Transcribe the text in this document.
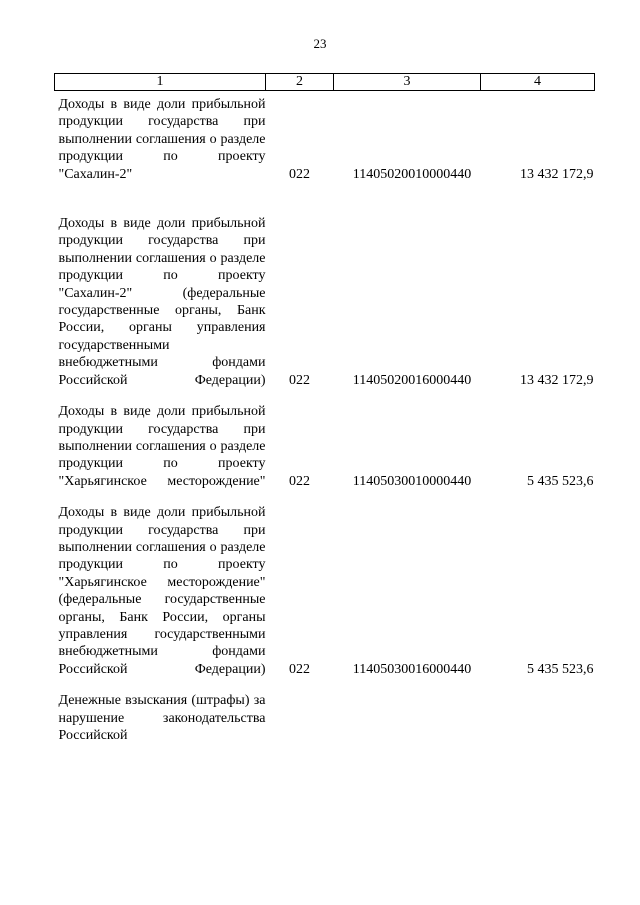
23
1	2	3	4
Доходы в виде доли прибыльной продукции государства при выполнении соглашения о разделе продукции по проекту "Сахалин-2"	022	11405020010000440	13 432 172,9
Доходы в виде доли прибыльной продукции государства при выполнении соглашения о разделе продукции по проекту "Сахалин-2" (федеральные государственные органы, Банк России, органы управления государственными внебюджетными фондами Российской Федерации)	022	11405020016000440	13 432 172,9
Доходы в виде доли прибыльной продукции государства при выполнении соглашения о разделе продукции по проекту "Харьягинское месторождение"	022	11405030010000440	5 435 523,6
Доходы в виде доли прибыльной продукции государства при выполнении соглашения о разделе продукции по проекту "Харьягинское месторождение" (федеральные государственные органы, Банк России, органы управления государственными внебюджетными фондами Российской Федерации)	022	11405030016000440	5 435 523,6
Денежные взыскания (штрафы) за нарушение законодательства Российской			
